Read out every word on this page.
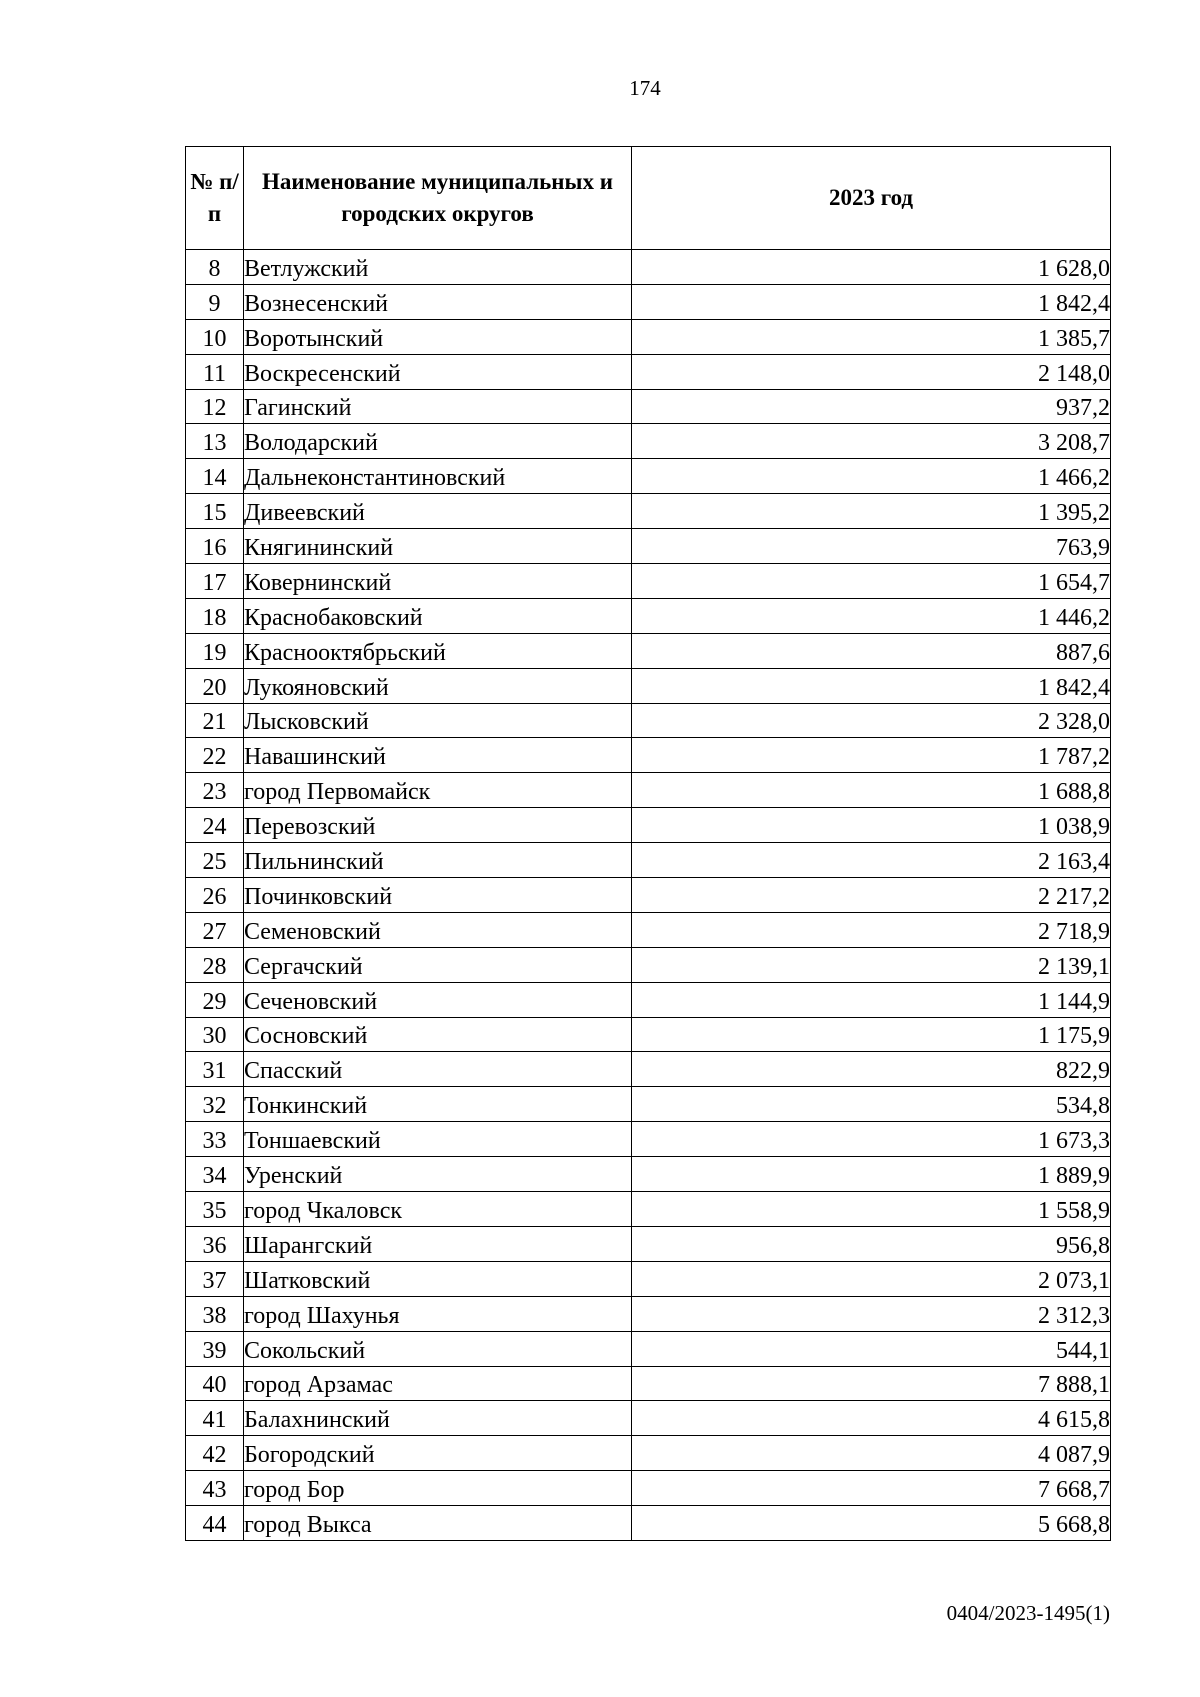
174
№ п/п	Наименование муниципальных и городских округов	2023 год
8	Ветлужский	1 628,0
9	Вознесенский	1 842,4
10	Воротынский	1 385,7
11	Воскресенский	2 148,0
12	Гагинский	937,2
13	Володарский	3 208,7
14	Дальнеконстантиновский	1 466,2
15	Дивеевский	1 395,2
16	Княгининский	763,9
17	Ковернинский	1 654,7
18	Краснобаковский	1 446,2
19	Краснооктябрьский	887,6
20	Лукояновский	1 842,4
21	Лысковский	2 328,0
22	Навашинский	1 787,2
23	город Первомайск	1 688,8
24	Перевозский	1 038,9
25	Пильнинский	2 163,4
26	Починковский	2 217,2
27	Семеновский	2 718,9
28	Сергачский	2 139,1
29	Сеченовский	1 144,9
30	Сосновский	1 175,9
31	Спасский	822,9
32	Тонкинский	534,8
33	Тоншаевский	1 673,3
34	Уренский	1 889,9
35	город Чкаловск	1 558,9
36	Шарангский	956,8
37	Шатковский	2 073,1
38	город Шахунья	2 312,3
39	Сокольский	544,1
40	город Арзамас	7 888,1
41	Балахнинский	4 615,8
42	Богородский	4 087,9
43	город Бор	7 668,7
44	город Выкса	5 668,8
0404/2023-1495(1)
